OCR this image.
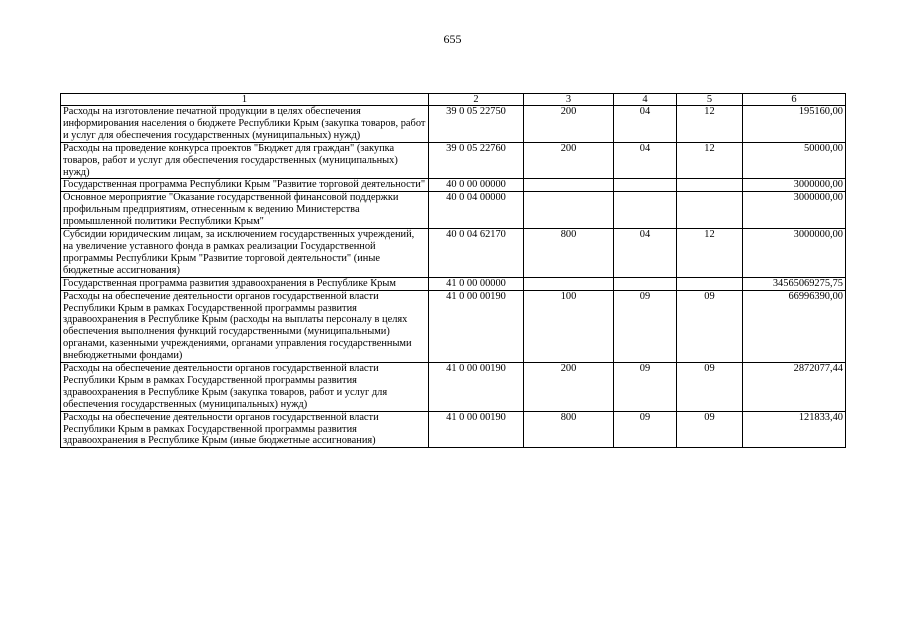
655
1	2	3	4	5	6
Расходы на изготовление печатной продукции в целях обеспечения информирования населения о бюджете Республики Крым (закупка товаров, работ и услуг для обеспечения государственных (муниципальных) нужд)	39 0 05 22750	200	04	12	195160,00
Расходы на проведение конкурса проектов "Бюджет для граждан" (закупка товаров, работ и услуг для обеспечения государственных (муниципальных) нужд)	39 0 05 22760	200	04	12	50000,00
Государственная программа Республики Крым "Развитие торговой деятельности"	40 0 00 00000				3000000,00
Основное мероприятие "Оказание государственной финансовой поддержки профильным предприятиям, отнесенным к ведению Министерства промышленной политики Республики Крым"	40 0 04 00000				3000000,00
Субсидии юридическим лицам, за исключением государственных учреждений, на увеличение уставного фонда в рамках реализации Государственной программы Республики Крым "Развитие торговой деятельности" (иные бюджетные ассигнования)	40 0 04 62170	800	04	12	3000000,00
Государственная программа развития здравоохранения в Республике Крым	41 0 00 00000				34565069275,75
Расходы на обеспечение деятельности органов государственной власти Республики Крым в рамках Государственной программы развития здравоохранения в Республике Крым (расходы на выплаты персоналу в целях обеспечения выполнения функций государственными (муниципальными) органами, казенными учреждениями, органами управления государственными внебюджетными фондами)	41 0 00 00190	100	09	09	66996390,00
Расходы на обеспечение деятельности органов государственной власти Республики Крым в рамках Государственной программы развития здравоохранения в Республике Крым (закупка товаров, работ и услуг для обеспечения государственных (муниципальных) нужд)	41 0 00 00190	200	09	09	2872077,44
Расходы на обеспечение деятельности органов государственной власти Республики Крым в рамках Государственной программы развития здравоохранения в Республике Крым (иные бюджетные ассигнования)	41 0 00 00190	800	09	09	121833,40
